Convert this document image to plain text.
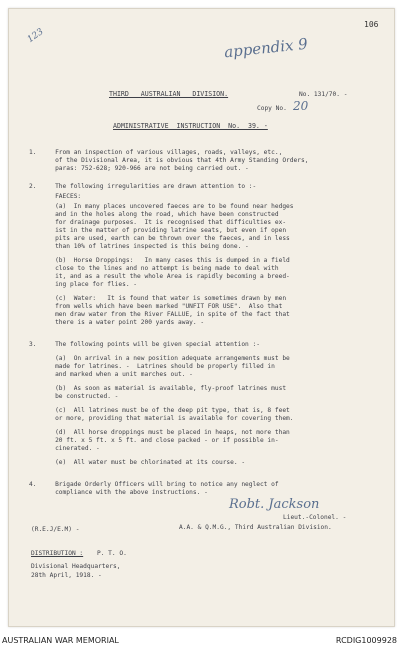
106
123	appendix 9
THIRD   AUSTRALIAN   DIVISION.	No. 131/70. -
Copy No. 20
ADMINISTRATIVE  INSTRUCTION  No.  39. -
1.     From an inspection of various villages, roads, valleys, etc.,
of the Divisional Area, it is obvious that 4th Army Standing Orders,
paras: 752-628; 920-966 are not being carried out. -
2.     The following irregularities are drawn attention to :-
FAECES:
(a)  In many places uncovered faeces are to be found near hedges
and in the holes along the road, which have been constructed
for drainage purposes.  It is recognised that difficulties ex-
ist in the matter of providing latrine seats, but even if open
pits are used, earth can be thrown over the faeces, and in less
than 10% of latrines inspected is this being done. -
(b)  Horse Droppings:   In many cases this is dumped in a field
close to the lines and no attempt is being made to deal with
it, and as a result the whole Area is rapidly becoming a breed-
ing place for flies. -
(c)  Water:   It is found that water is sometimes drawn by men
from wells which have been marked "UNFIT FOR USE".  Also that
men draw water from the River FALLUE, in spite of the fact that
there is a water point 200 yards away. -
3.     The following points will be given special attention :-
(a)  On arrival in a new position adequate arrangements must be
made for latrines. -  Latrines should be properly filled in
and marked when a unit marches out. -
(b)  As soon as material is available, fly-proof latrines must
be constructed. -
(c)  All latrines must be of the deep pit type, that is, 8 feet
or more, providing that material is available for covering them.
(d)  All horse droppings must be placed in heaps, not more than
20 ft. x 5 ft. x 5 ft. and close packed - or if possible in-
cinerated. -
(e)  All water must be chlorinated at its course. -
4.     Brigade Orderly Officers will bring to notice any neglect of
compliance with the above instructions. -
Robt. Jackson
Lieut.-Colonel. -
A.A. & Q.M.G., Third Australian Division.
(R.E.J/E.M) -
DISTRIBUTION : P. T. O.
Divisional Headquarters,
28th April, 1918. -
AUSTRALIAN WAR MEMORIAL	RCDIG1009928
